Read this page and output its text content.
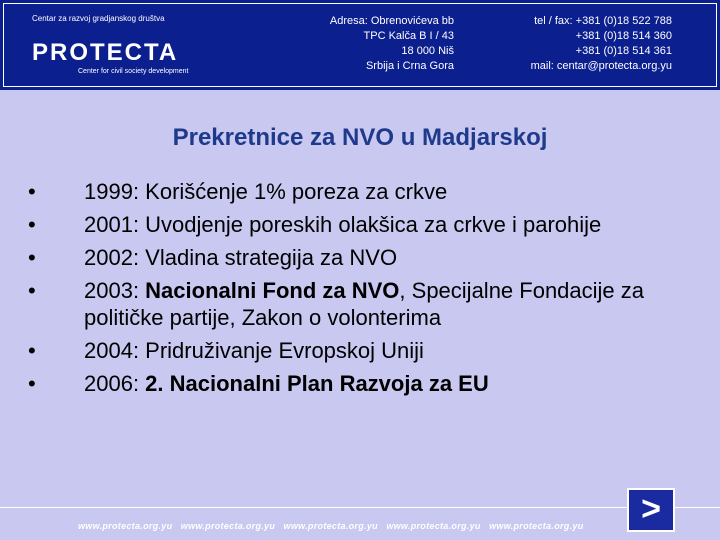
Centar za razvoj gradjanskog društva
PROTECTA
Center for civil society development
Adresa: Obrenovićeva bb
TPC Kalča B I / 43
18 000 Niš
Srbija i Crna Gora
tel / fax: +381 (0)18 522 788
+381 (0)18 514 360
+381 (0)18 514 361
mail: centar@protecta.org.yu
Prekretnice za NVO u Madjarskoj
•	1999: Korišćenje 1% poreza za crkve
•	2001: Uvodjenje poreskih olakšica za crkve i parohije
•	2002: Vladina strategija za NVO
•	2003: Nacionalni Fond za NVO, Specijalne Fondacije za političke partije, Zakon o volonterima
•	2004: Pridruživanje Evropskoj Uniji
•	2006: 2. Nacionalni Plan Razvoja za EU
www.protecta.org.yu   www.protecta.org.yu   www.protecta.org.yu   www.protecta.org.yu   www.protecta.org.yu	>
